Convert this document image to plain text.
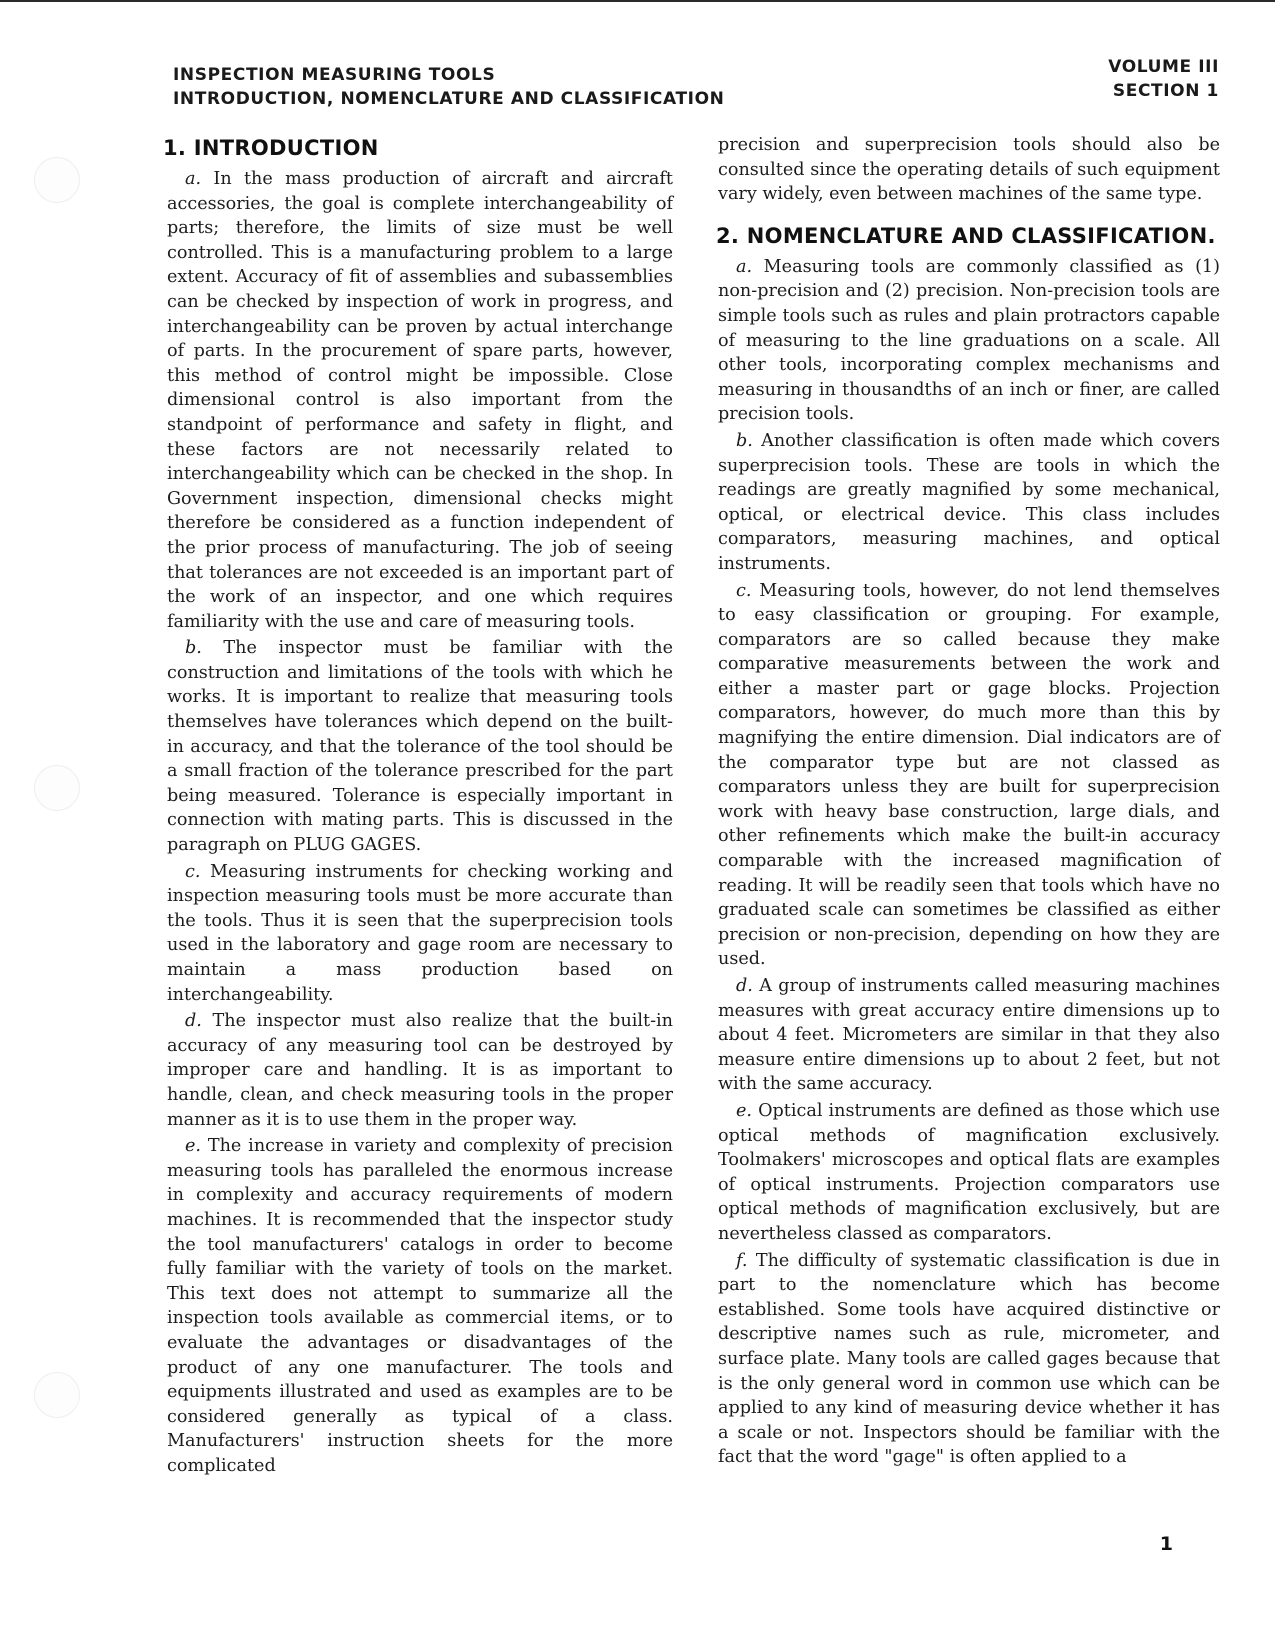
INSPECTION MEASURING TOOLS
INTRODUCTION, NOMENCLATURE AND CLASSIFICATION
VOLUME III
SECTION 1
1. INTRODUCTION

a. In the mass production of aircraft and aircraft accessories, the goal is complete interchangeability of parts; therefore, the limits of size must be well controlled. This is a manufacturing problem to a large extent. Accuracy of fit of assemblies and subassemblies can be checked by inspection of work in progress, and interchangeability can be proven by actual interchange of parts. In the procurement of spare parts, however, this method of control might be impossible. Close dimensional control is also important from the standpoint of performance and safety in flight, and these factors are not necessarily related to interchangeability which can be checked in the shop. In Government inspection, dimensional checks might therefore be considered as a function independent of the prior process of manufacturing. The job of seeing that tolerances are not exceeded is an important part of the work of an inspector, and one which requires familiarity with the use and care of measuring tools.

b. The inspector must be familiar with the construction and limitations of the tools with which he works. It is important to realize that measuring tools themselves have tolerances which depend on the built-in accuracy, and that the tolerance of the tool should be a small fraction of the tolerance prescribed for the part being measured. Tolerance is especially important in connection with mating parts. This is discussed in the paragraph on PLUG GAGES.

c. Measuring instruments for checking working and inspection measuring tools must be more accurate than the tools. Thus it is seen that the superprecision tools used in the laboratory and gage room are necessary to maintain a mass production based on interchangeability.

d. The inspector must also realize that the built-in accuracy of any measuring tool can be destroyed by improper care and handling. It is as important to handle, clean, and check measuring tools in the proper manner as it is to use them in the proper way.

e. The increase in variety and complexity of precision measuring tools has paralleled the enormous increase in complexity and accuracy requirements of modern machines. It is recommended that the inspector study the tool manufacturers' catalogs in order to become fully familiar with the variety of tools on the market. This text does not attempt to summarize all the inspection tools available as commercial items, or to evaluate the advantages or disadvantages of the product of any one manufacturer. The tools and equipments illustrated and used as examples are to be considered generally as typical of a class. Manufacturers' instruction sheets for the more complicated

precision and superprecision tools should also be consulted since the operating details of such equipment vary widely, even between machines of the same type.

2. NOMENCLATURE AND CLASSIFICATION.

a. Measuring tools are commonly classified as (1) non-precision and (2) precision. Non-precision tools are simple tools such as rules and plain protractors capable of measuring to the line graduations on a scale. All other tools, incorporating complex mechanisms and measuring in thousandths of an inch or finer, are called precision tools.

b. Another classification is often made which covers superprecision tools. These are tools in which the readings are greatly magnified by some mechanical, optical, or electrical device. This class includes comparators, measuring machines, and optical instruments.

c. Measuring tools, however, do not lend themselves to easy classification or grouping. For example, comparators are so called because they make comparative measurements between the work and either a master part or gage blocks. Projection comparators, however, do much more than this by magnifying the entire dimension. Dial indicators are of the comparator type but are not classed as comparators unless they are built for superprecision work with heavy base construction, large dials, and other refinements which make the built-in accuracy comparable with the increased magnification of reading. It will be readily seen that tools which have no graduated scale can sometimes be classified as either precision or non-precision, depending on how they are used.

d. A group of instruments called measuring machines measures with great accuracy entire dimensions up to about 4 feet. Micrometers are similar in that they also measure entire dimensions up to about 2 feet, but not with the same accuracy.

e. Optical instruments are defined as those which use optical methods of magnification exclusively. Toolmakers' microscopes and optical flats are examples of optical instruments. Projection comparators use optical methods of magnification exclusively, but are nevertheless classed as comparators.

f. The difficulty of systematic classification is due in part to the nomenclature which has become established. Some tools have acquired distinctive or descriptive names such as rule, micrometer, and surface plate. Many tools are called gages because that is the only general word in common use which can be applied to any kind of measuring device whether it has a scale or not. Inspectors should be familiar with the fact that the word "gage" is often applied to a

1
